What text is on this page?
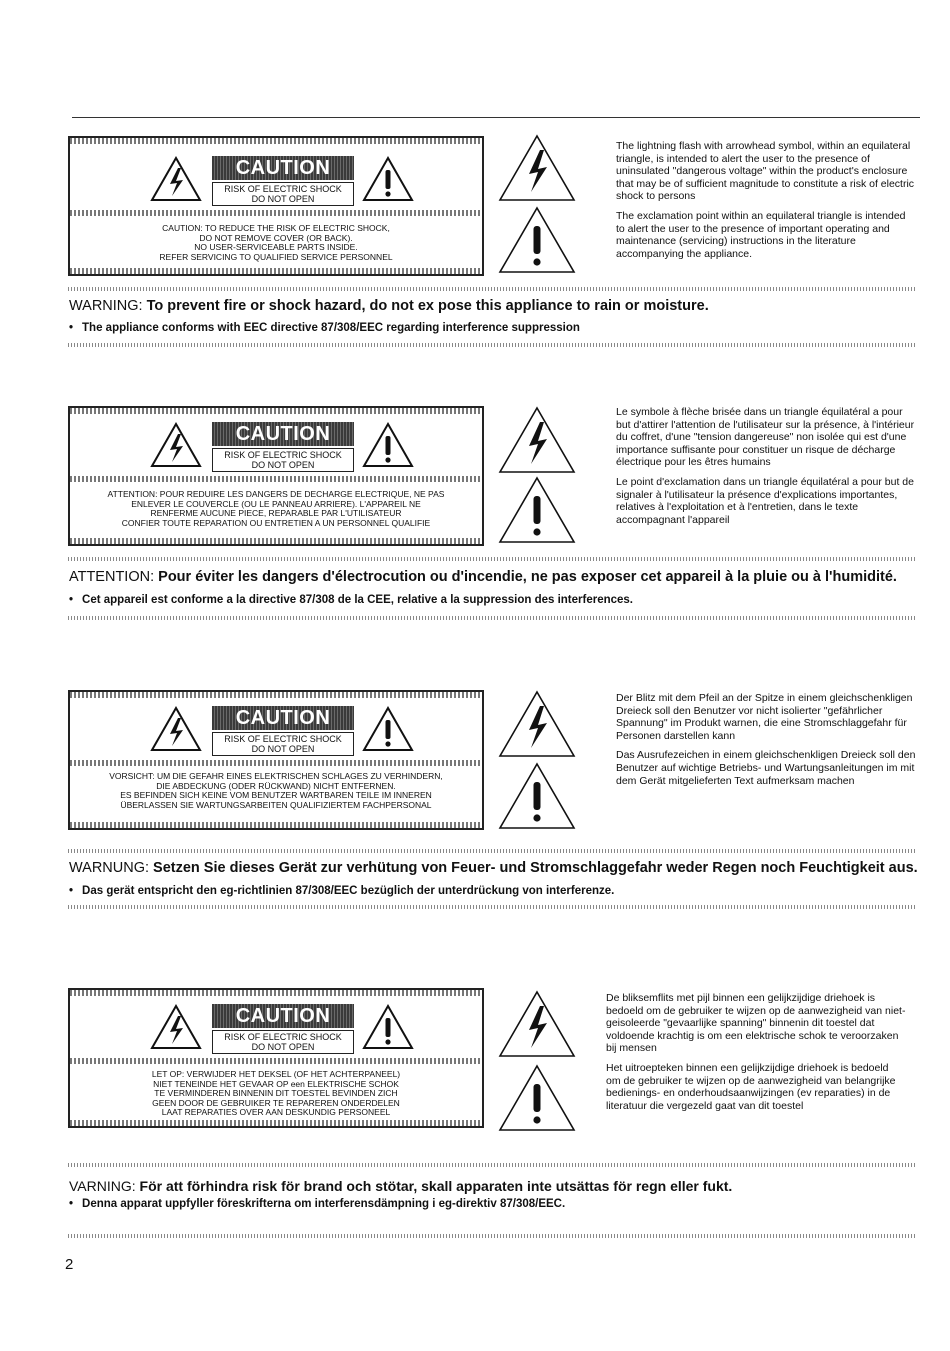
CAUTION
RISK OF ELECTRIC SHOCK
DO NOT OPEN
CAUTION: TO REDUCE THE RISK OF ELECTRIC SHOCK,
DO NOT REMOVE COVER (OR BACK).
NO USER-SERVICEABLE PARTS INSIDE.
REFER SERVICING TO QUALIFIED SERVICE PERSONNEL

The lightning flash with arrowhead symbol, within an equilateral triangle, is intended to alert the user to the presence of uninsulated "dangerous voltage" within the product's enclosure that may be of sufficient magnitude to constitute a risk of electric shock to persons

The exclamation point within an equilateral triangle is intended to alert the user to the presence of important operating and maintenance (servicing) instructions in the literature accompanying the appliance.

WARNING: To prevent fire or shock hazard, do not ex pose this appliance to rain or moisture.
• The appliance conforms with EEC directive 87/308/EEC regarding interference suppression
CAUTION
RISK OF ELECTRIC SHOCK
DO NOT OPEN
ATTENTION: POUR REDUIRE LES DANGERS DE DECHARGE ELECTRIQUE, NE PAS
ENLEVER LE COUVERCLE (OU LE PANNEAU ARRIERE). L'APPAREIL NE
RENFERME AUCUNE PIECE, REPARABLE PAR L'UTILISATEUR
CONFIER TOUTE REPARATION OU ENTRETIEN A UN PERSONNEL QUALIFIE

Le symbole à flèche brisée dans un triangle équilatéral a pour but d'attirer l'attention de l'utilisateur sur la présence, à l'intérieur du coffret, d'une "tension dangereuse" non isolée qui est d'une importance suffisante pour constituer un risque de décharge électrique pour les êtres humains

Le point d'exclamation dans un triangle équilatéral a pour but de signaler à l'utilisateur la présence d'explications importantes, relatives à l'exploitation et à l'entretien, dans le texte accompagnant l'appareil

ATTENTION: Pour éviter les dangers d'électrocution ou d'incendie, ne pas exposer cet appareil à la pluie ou à l'humidité.
• Cet appareil est conforme a la directive 87/308 de la CEE, relative a la suppression des interferences.
CAUTION
RISK OF ELECTRIC SHOCK
DO NOT OPEN
VORSICHT: UM DIE GEFAHR EINES ELEKTRISCHEN SCHLAGES ZU VERHINDERN,
DIE ABDECKUNG (ODER RÜCKWAND) NICHT ENTFERNEN.
ES BEFINDEN SICH KEINE VOM BENUTZER WARTBAREN TEILE IM INNEREN
ÜBERLASSEN SIE WARTUNGSARBEITEN QUALIFIZIERTEM FACHPERSONAL

Der Blitz mit dem Pfeil an der Spitze in einem gleichschenkligen Dreieck soll den Benutzer vor nicht isolierter "gefährlicher Spannung" im Produkt warnen, die eine Stromschlaggefahr für Personen darstellen kann

Das Ausrufezeichen in einem gleichschenkligen Dreieck soll den Benutzer auf wichtige Betriebs- und Wartungsanleitungen im mit dem Gerät mitgelieferten Text aufmerksam machen

WARNUNG: Setzen Sie dieses Gerät zur verhütung von Feuer- und Stromschlaggefahr weder Regen noch Feuchtigkeit aus.
• Das gerät entspricht den eg-richtlinien 87/308/EEC bezüglich der unterdrückung von interferenze.
CAUTION
RISK OF ELECTRIC SHOCK
DO NOT OPEN
LET OP: VERWIJDER HET DEKSEL (OF HET ACHTERPANEEL)
NIET TENEINDE HET GEVAAR OP een ELEKTRISCHE SCHOK
TE VERMINDEREN BINNENIN DIT TOESTEL BEVINDEN ZICH
GEEN DOOR DE GEBRUIKER TE REPAREREN ONDERDELEN
LAAT REPARATIES OVER AAN DESKUNDIG PERSONEEL

De bliksemflits met pijl binnen een gelijkzijdige driehoek is bedoeld om de gebruiker te wijzen op de aanwezigheid van niet-geisoleerde "gevaarlijke spanning" binnenin dit toestel dat voldoende krachtig is om een elektrische schok te veroorzaken bij mensen

Het uitroepteken binnen een gelijkzijdige driehoek is bedoeld om de gebruiker te wijzen op de aanwezigheid van belangrijke bedienings- en onderhoudsaanwijzingen (ev reparaties) in de literatuur die vergezeld gaat van dit toestel

VARNING: För att förhindra risk för brand och stötar, skall apparaten inte utsättas för regn eller fukt.
• Denna apparat uppfyller föreskrifterna om interferensdämpning i eg-direktiv 87/308/EEC.
2
